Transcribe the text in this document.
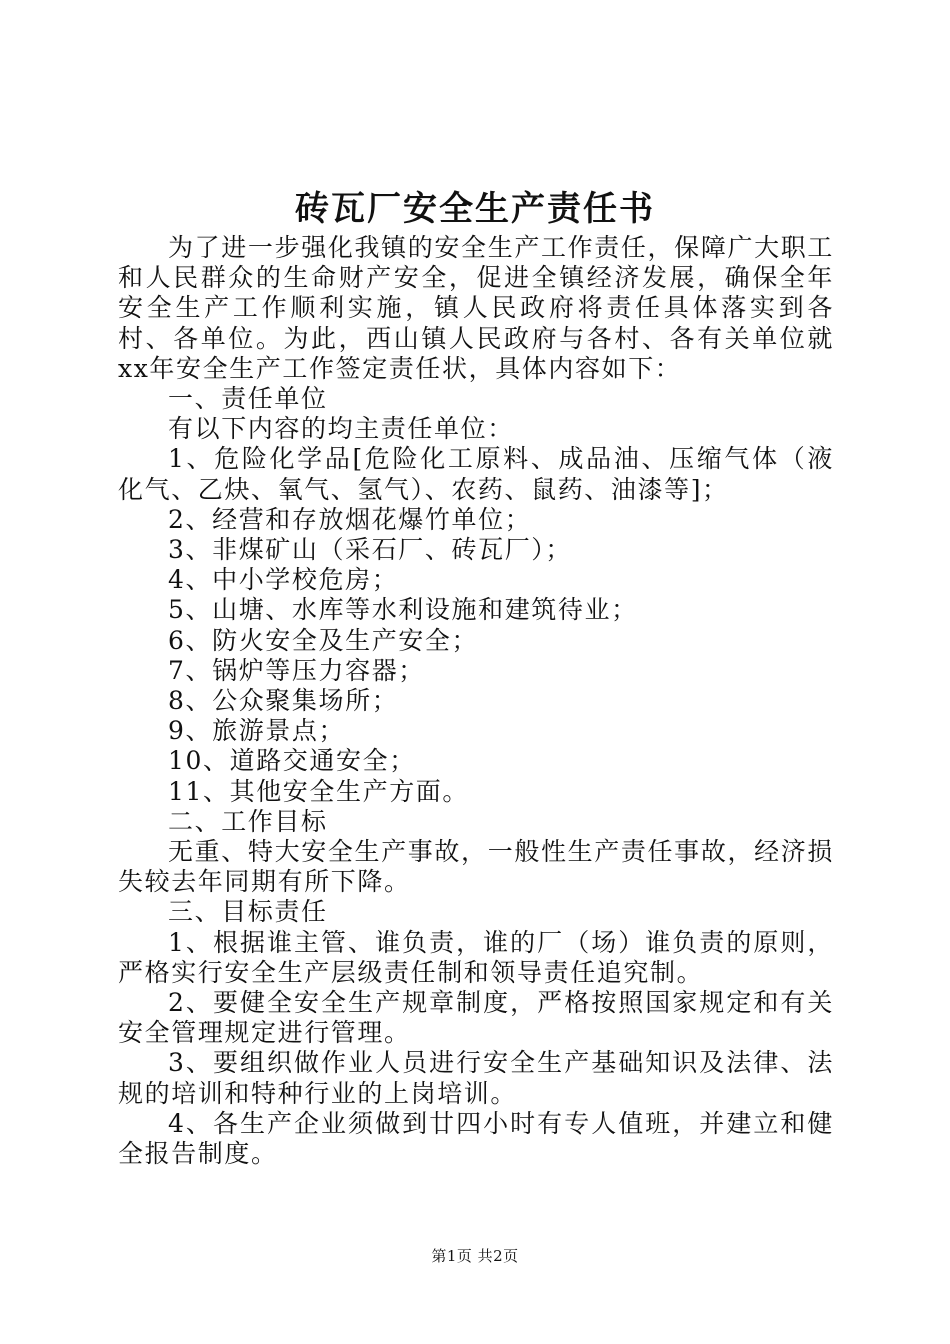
砖瓦厂安全生产责任书

为了进一步强化我镇的安全生产工作责任，保障广大职工和人民群众的生命财产安全，促进全镇经济发展，确保全年安全生产工作顺利实施，镇人民政府将责任具体落实到各村、各单位。为此，西山镇人民政府与各村、各有关单位就xx年安全生产工作签定责任状，具体内容如下：

一、责任单位

有以下内容的均主责任单位：

1、危险化学品[危险化工原料、成品油、压缩气体（液化气、乙炔、氧气、氢气）、农药、鼠药、油漆等]；

2、经营和存放烟花爆竹单位；

3、非煤矿山（采石厂、砖瓦厂）；

4、中小学校危房；

5、山塘、水库等水利设施和建筑待业；

6、防火安全及生产安全；

7、锅炉等压力容器；

8、公众聚集场所；

9、旅游景点；

10、道路交通安全；

11、其他安全生产方面。

二、工作目标

无重、特大安全生产事故，一般性生产责任事故，经济损失较去年同期有所下降。

三、目标责任

1、根据谁主管、谁负责，谁的厂（场）谁负责的原则，严格实行安全生产层级责任制和领导责任追究制。

2、要健全安全生产规章制度，严格按照国家规定和有关安全管理规定进行管理。

3、要组织做作业人员进行安全生产基础知识及法律、法规的培训和特种行业的上岗培训。

4、各生产企业须做到廿四小时有专人值班，并建立和健全报告制度。

第1页 共2页
